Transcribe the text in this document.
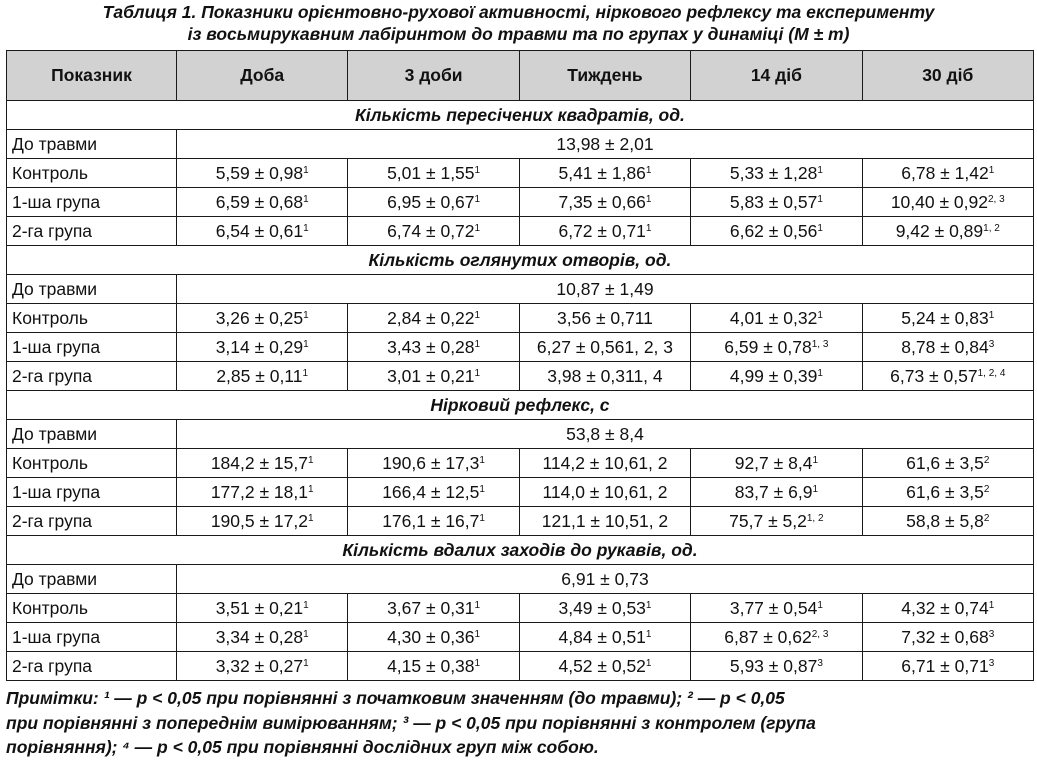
Таблиця 1. Показники орієнтовно-рухової активності, ніркового рефлексу та експерименту
із восьмирукавним лабіринтом до травми та по групах у динаміці (M ± m)
Показник	Доба	3 доби	Тиждень	14 діб	30 діб
Кількість пересічених квадратів, од.					
До травми	13,98 ± 2,01				
Контроль	$5,59 \pm 0,98^1$	$5,01 \pm 1,55^1$	$5,41 \pm 1,86^1$	$5,33 \pm 1,28^1$	$6,78 \pm 1,42^1$
1-ша група	$6,59 \pm 0,68^1$	$6,95 \pm 0,67^1$	$7,35 \pm 0,66^1$	$5,83 \pm 0,57^1$	$10,40 \pm 0,92^{2, 3}$
2-га група	$6,54 \pm 0,61^1$	$6,74 \pm 0,72^1$	$6,72 \pm 0,71^1$	$6,62 \pm 0,56^1$	$9,42 \pm 0,89^{1, 2}$
Кількість оглянутих отворів, од.					
До травми	10,87 ± 1,49				
Контроль	$3,26 \pm 0,25^1$	$2,84 \pm 0,22^1$	3,56 ± 0,711	$4,01 \pm 0,32^1$	$5,24 \pm 0,83^1$
1-ша група	$3,14 \pm 0,29^1$	$3,43 \pm 0,28^1$	6,27 ± 0,561, 2, 3	$6,59 \pm 0,78^{1, 3}$	$8,78 \pm 0,84^3$
2-га група	$2,85 \pm 0,11^1$	$3,01 \pm 0,21^1$	3,98 ± 0,311, 4	$4,99 \pm 0,39^1$	$6,73 \pm 0,57^{1, 2, 4}$
Нірковий рефлекс, с					
До травми	53,8 ± 8,4				
Контроль	$184,2 \pm 15,7^1$	$190,6 \pm 17,3^1$	114,2 ± 10,61, 2	$92,7 \pm 8,4^1$	$61,6 \pm 3,5^2$
1-ша група	$177,2 \pm 18,1^1$	$166,4 \pm 12,5^1$	114,0 ± 10,61, 2	$83,7 \pm 6,9^1$	$61,6 \pm 3,5^2$
2-га група	$190,5 \pm 17,2^1$	$176,1 \pm 16,7^1$	121,1 ± 10,51, 2	$75,7 \pm 5,2^{1, 2}$	$58,8 \pm 5,8^2$
Кількість вдалих заходів до рукавів, од.					
До травми	6,91 ± 0,73				
Контроль	$3,51 \pm 0,21^1$	$3,67 \pm 0,31^1$	$3,49 \pm 0,53^1$	$3,77 \pm 0,54^1$	$4,32 \pm 0,74^1$
1-ша група	$3,34 \pm 0,28^1$	$4,30 \pm 0,36^1$	$4,84 \pm 0,51^1$	$6,87 \pm 0,62^{2, 3}$	$7,32 \pm 0,68^3$
2-га група	$3,32 \pm 0,27^1$	$4,15 \pm 0,38^1$	$4,52 \pm 0,52^1$	$5,93 \pm 0,87^3$	$6,71 \pm 0,71^3$
Примітки: ¹ — p < 0,05 при порівнянні з початковим значенням (до травми); ² — p < 0,05
при порівнянні з попереднім вимірюванням; ³ — p < 0,05 при порівнянні з контролем (група
порівняння); ⁴ — p < 0,05 при порівнянні дослідних груп між собою.
